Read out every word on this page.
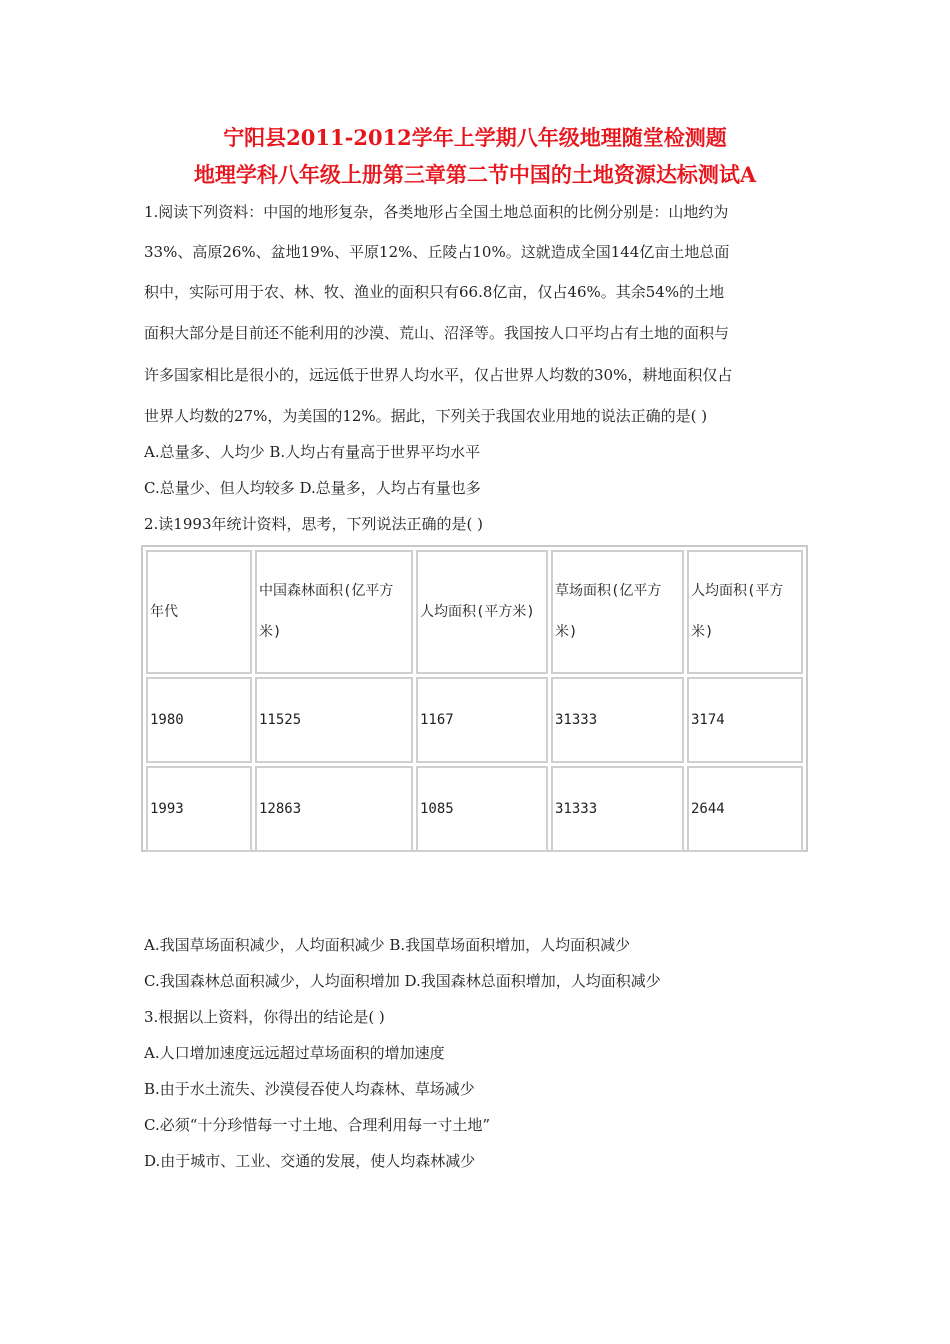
宁阳县2011-2012学年上学期八年级地理随堂检测题
地理学科八年级上册第三章第二节中国的土地资源达标测试A
1.阅读下列资料：中国的地形复杂，各类地形占全国土地总面积的比例分别是：山地约为
33%、高原26%、盆地19%、平原12%、丘陵占10%。这就造成全国144亿亩土地总面
积中，实际可用于农、林、牧、渔业的面积只有66.8亿亩，仅占46%。其余54%的土地
面积大部分是目前还不能利用的沙漠、荒山、沼泽等。我国按人口平均占有土地的面积与
许多国家相比是很小的，远远低于世界人均水平，仅占世界人均数的30%，耕地面积仅占
世界人均数的27%，为美国的12%。据此，下列关于我国农业用地的说法正确的是( )
A.总量多、人均少 B.人均占有量高于世界平均水平
C.总量少、但人均较多 D.总量多，人均占有量也多
2.读1993年统计资料，思考，下列说法正确的是( )
年代	中国森林面积(亿平方米)	人均面积(平方米)	草场面积(亿平方米)	人均面积(平方米)
1980	11525	1167	31333	3174
1993	12863	1085	31333	2644
A.我国草场面积减少，人均面积减少 B.我国草场面积增加，人均面积减少
C.我国森林总面积减少，人均面积增加 D.我国森林总面积增加，人均面积减少
3.根据以上资料，你得出的结论是( )
A.人口增加速度远远超过草场面积的增加速度
B.由于水土流失、沙漠侵吞使人均森林、草场减少
C.必须“十分珍惜每一寸土地、合理利用每一寸土地”
D.由于城市、工业、交通的发展，使人均森林减少
